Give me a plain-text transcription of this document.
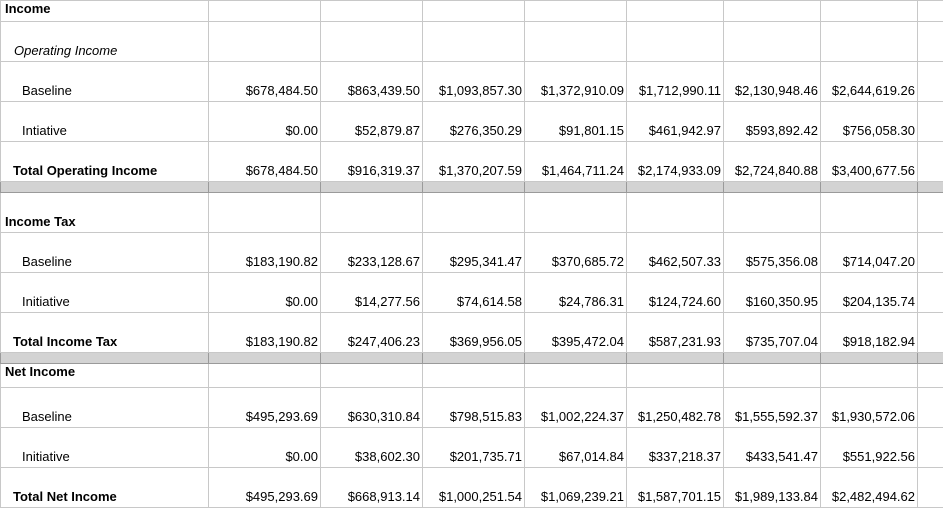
Income								
Operating Income								
Baseline	$678,484.50	$863,439.50	$1,093,857.30	$1,372,910.09	$1,712,990.11	$2,130,948.46	$2,644,619.26	
Intiative	$0.00	$52,879.87	$276,350.29	$91,801.15	$461,942.97	$593,892.42	$756,058.30	
Total Operating Income	$678,484.50	$916,319.37	$1,370,207.59	$1,464,711.24	$2,174,933.09	$2,724,840.88	$3,400,677.56	

Income Tax								
Baseline	$183,190.82	$233,128.67	$295,341.47	$370,685.72	$462,507.33	$575,356.08	$714,047.20	
Initiative	$0.00	$14,277.56	$74,614.58	$24,786.31	$124,724.60	$160,350.95	$204,135.74	
Total Income Tax	$183,190.82	$247,406.23	$369,956.05	$395,472.04	$587,231.93	$735,707.04	$918,182.94	

Net Income								
Baseline	$495,293.69	$630,310.84	$798,515.83	$1,002,224.37	$1,250,482.78	$1,555,592.37	$1,930,572.06	
Initiative	$0.00	$38,602.30	$201,735.71	$67,014.84	$337,218.37	$433,541.47	$551,922.56	
Total Net Income	$495,293.69	$668,913.14	$1,000,251.54	$1,069,239.21	$1,587,701.15	$1,989,133.84	$2,482,494.62	
